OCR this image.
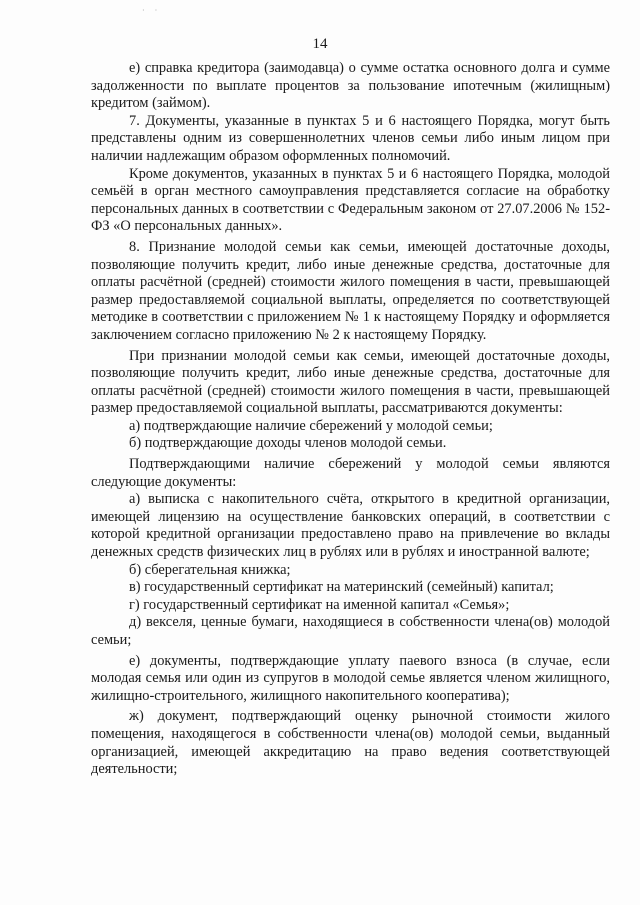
· ·
14

е) справка кредитора (заимодавца) о сумме остатка основного долга и сумме задолженности по выплате процентов за пользование ипотечным (жилищным) кредитом (займом).

7. Документы, указанные в пунктах 5 и 6 настоящего Порядка, могут быть представлены одним из совершеннолетних членов семьи либо иным лицом при наличии надлежащим образом оформленных полномочий.

Кроме документов, указанных в пунктах 5 и 6 настоящего Порядка, молодой семьёй в орган местного самоуправления представляется согласие на обработку персональных данных в соответствии с Федеральным законом от 27.07.2006 № 152-ФЗ «О персональных данных».

8. Признание молодой семьи как семьи, имеющей достаточные доходы, позволяющие получить кредит, либо иные денежные средства, достаточные для оплаты расчётной (средней) стоимости жилого помещения в части, превышающей размер предоставляемой социальной выплаты, определяется по соответствующей методике в соответствии с приложением № 1 к настоящему Порядку и оформляется заключением согласно приложению № 2 к настоящему Порядку.

При признании молодой семьи как семьи, имеющей достаточные доходы, позволяющие получить кредит, либо иные денежные средства, достаточные для оплаты расчётной (средней) стоимости жилого помещения в части, превышающей размер предоставляемой социальной выплаты, рассматриваются документы:

а) подтверждающие наличие сбережений у молодой семьи;

б) подтверждающие доходы членов молодой семьи.

Подтверждающими наличие сбережений у молодой семьи являются следующие документы:

а) выписка с накопительного счёта, открытого в кредитной организации, имеющей лицензию на осуществление банковских операций, в соответствии с которой кредитной организации предоставлено право на привлечение во вклады денежных средств физических лиц в рублях или в рублях и иностранной валюте;

б) сберегательная книжка;

в) государственный сертификат на материнский (семейный) капитал;

г) государственный сертификат на именной капитал «Семья»;

д) векселя, ценные бумаги, находящиеся в собственности члена(ов) молодой семьи;

е) документы, подтверждающие уплату паевого взноса (в случае, если молодая семья или один из супругов в молодой семье является членом жилищного, жилищно-строительного, жилищного накопительного кооператива);

ж) документ, подтверждающий оценку рыночной стоимости жилого помещения, находящегося в собственности члена(ов) молодой семьи, выданный организацией, имеющей аккредитацию на право ведения соответствующей деятельности;
